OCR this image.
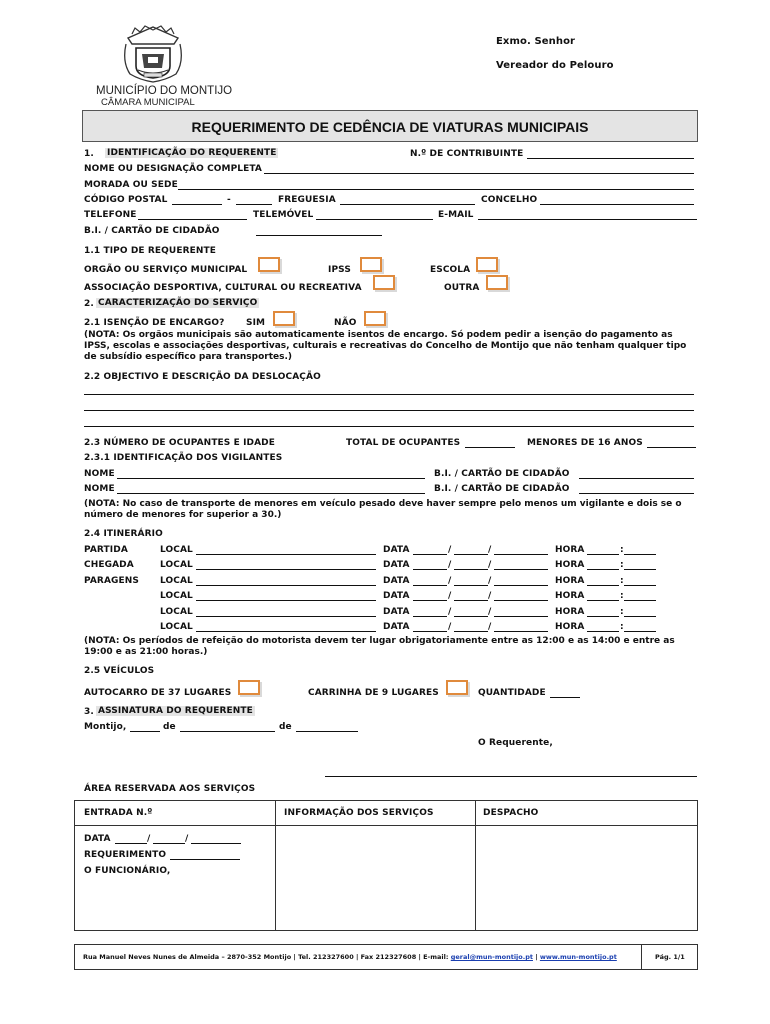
MUNICÍPIO DO MONTIJO
CÂMARA MUNICIPAL
Exmo. Senhor
Vereador do Pelouro
REQUERIMENTO DE CEDÊNCIA DE VIATURAS MUNICIPAIS
1. IDENTIFICAÇÃO DO REQUERENTE	N.º DE CONTRIBUINTE
NOME OU DESIGNAÇÃO COMPLETA
MORADA OU SEDE
CÓDIGO POSTAL	-	FREGUESIA	CONCELHO
TELEFONE	TELEMÓVEL	E-MAIL
B.I. / CARTÃO DE CIDADÃO
1.1 TIPO DE REQUERENTE
ORGÃO OU SERVIÇO MUNICIPAL	IPSS	ESCOLA
ASSOCIAÇÃO DESPORTIVA, CULTURAL OU RECREATIVA	OUTRA
2. CARACTERIZAÇÃO DO SERVIÇO
2.1 ISENÇÃO DE ENCARGO? SIM	NÃO
(NOTA: Os orgãos municipais são automaticamente isentos de encargo. Só podem pedir a isenção do pagamento as IPSS, escolas e associações desportivas, culturais e recreativas do Concelho de Montijo que não tenham qualquer tipo de subsídio específico para transportes.)
2.2 OBJECTIVO E DESCRIÇÃO DA DESLOCAÇÃO
2.3 NÚMERO DE OCUPANTES E IDADE	TOTAL DE OCUPANTES	MENORES DE 16 ANOS
2.3.1 IDENTIFICAÇÃO DOS VIGILANTES
NOME	B.I. / CARTÃO DE CIDADÃO
NOME	B.I. / CARTÃO DE CIDADÃO
(NOTA: No caso de transporte de menores em veículo pesado deve haver sempre pelo menos um vigilante e dois se o número de menores for superior a 30.)
2.4 ITINERÁRIO
PARTIDA	LOCAL	DATA	/	/	HORA	:
CHEGADA	LOCAL	DATA	/	/	HORA	:
PARAGENS LOCAL	DATA	/	/	HORA	:
LOCAL	DATA	/	/	HORA	:
LOCAL	DATA	/	/	HORA	:
LOCAL	DATA	/	/	HORA	:
(NOTA: Os períodos de refeição do motorista devem ter lugar obrigatoriamente entre as 12:00 e as 14:00 e entre as 19:00 e as 21:00 horas.)
2.5 VEÍCULOS
AUTOCARRO DE 37 LUGARES	CARRINHA DE 9 LUGARES	QUANTIDADE
3. ASSINATURA DO REQUERENTE
Montijo,	de	de
O Requerente,
ÁREA RESERVADA AOS SERVIÇOS
ENTRADA N.º	INFORMAÇÃO DOS SERVIÇOS	DESPACHO
DATA	/	/
REQUERIMENTO
O FUNCIONÁRIO,
Rua Manuel Neves Nunes de Almeida – 2870-352 Montijo | Tel. 212327600 | Fax 212327608 | E-mail: geral@mun-montijo.pt | www.mun-montijo.pt	Pág. 1/1
